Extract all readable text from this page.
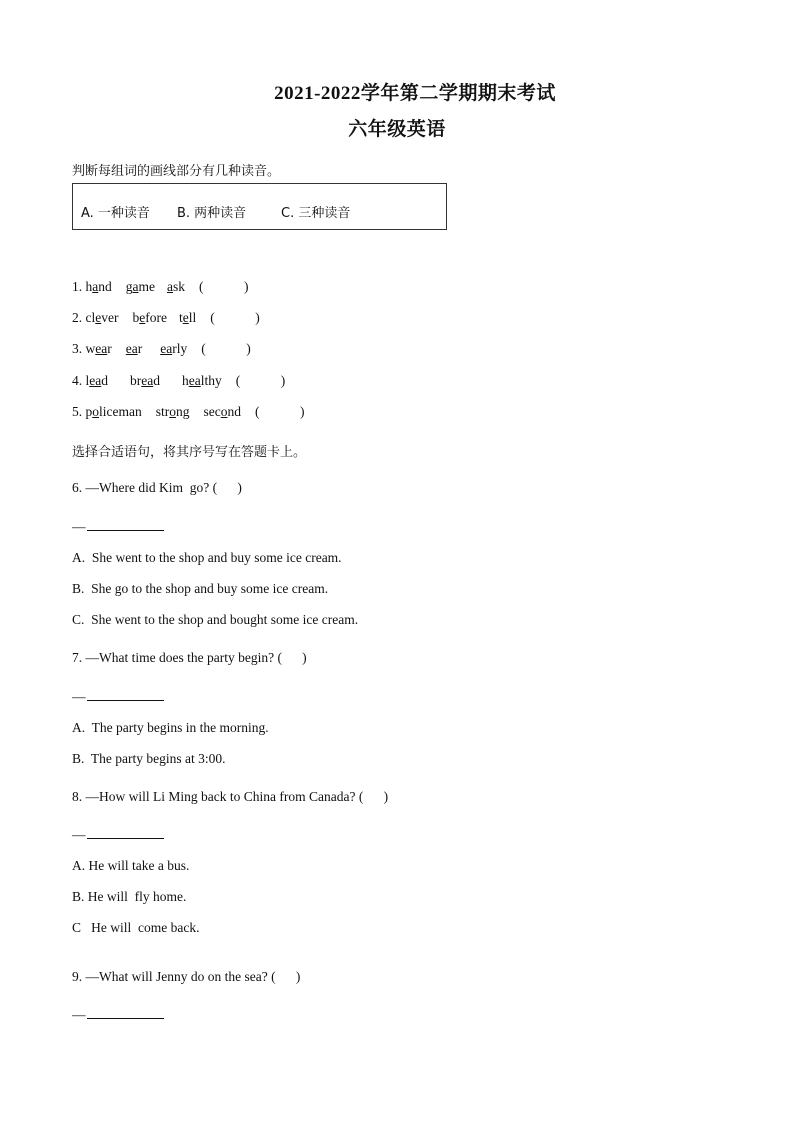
2021-2022学年第二学期期末考试
六年级英语
判断每组词的画线部分有几种读音。
A. 一种读音 B. 两种读音	C. 三种读音
1. hand game ask (            )
2. clever before tell (            )
3. wear ear early (            )
4. lead bread healthy (            )
5. policeman strong second (            )
选择合适语句，将其序号写在答题卡上。
6. —Where did Kim  go? (      )
—
A.  She went to the shop and buy some ice cream.
B.  She go to the shop and buy some ice cream.
C.  She went to the shop and bought some ice cream.
7. —What time does the party begin? (      )
—
A.  The party begins in the morning.
B.  The party begins at 3:00.
8. —How will Li Ming back to China from Canada? (      )
—
A. He will take a bus.
B. He will  fly home.
C   He will  come back.
9. —What will Jenny do on the sea? (      )
—
